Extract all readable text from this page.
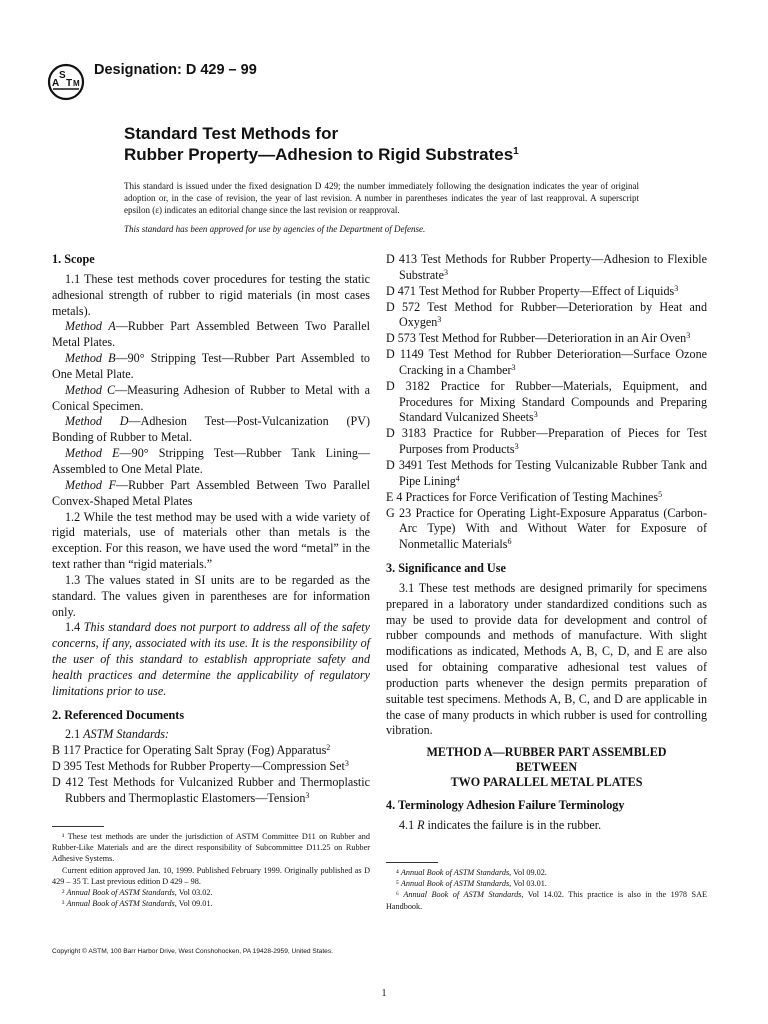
A
S
T M
Designation: D 429 – 99
Standard Test Methods for
Rubber Property—Adhesion to Rigid Substrates$^1$
This standard is issued under the fixed designation D 429; the number immediately following the designation indicates the year of original adoption or, in the case of revision, the year of last revision. A number in parentheses indicates the year of last reapproval. A superscript epsilon (ε) indicates an editorial change since the last revision or reapproval.
This standard has been approved for use by agencies of the Department of Defense.
1. Scope

1.1 These test methods cover procedures for testing the static adhesional strength of rubber to rigid materials (in most cases metals).

Method A—Rubber Part Assembled Between Two Parallel Metal Plates.

Method B—90° Stripping Test—Rubber Part Assembled to One Metal Plate.

Method C—Measuring Adhesion of Rubber to Metal with a Conical Specimen.

Method D—Adhesion Test—Post-Vulcanization (PV) Bonding of Rubber to Metal.

Method E—90° Stripping Test—Rubber Tank Lining—Assembled to One Metal Plate.

Method F—Rubber Part Assembled Between Two Parallel Convex-Shaped Metal Plates

1.2 While the test method may be used with a wide variety of rigid materials, use of materials other than metals is the exception. For this reason, we have used the word “metal” in the text rather than “rigid materials.”

1.3 The values stated in SI units are to be regarded as the standard. The values given in parentheses are for information only.

1.4 This standard does not purport to address all of the safety concerns, if any, associated with its use. It is the responsibility of the user of this standard to establish appropriate safety and health practices and determine the applicability of regulatory limitations prior to use.

2. Referenced Documents

2.1 ASTM Standards:

B 117 Practice for Operating Salt Spray (Fog) Apparatus$^2$

D 395 Test Methods for Rubber Property—Compression Set$^3$

D 412 Test Methods for Vulcanized Rubber and Thermoplastic Rubbers and Thermoplastic Elastomers—Tension$^3$

D 413 Test Methods for Rubber Property—Adhesion to Flexible Substrate$^3$

D 471 Test Method for Rubber Property—Effect of Liquids$^3$

D 572 Test Method for Rubber—Deterioration by Heat and Oxygen$^3$

D 573 Test Method for Rubber—Deterioration in an Air Oven$^3$

D 1149 Test Method for Rubber Deterioration—Surface Ozone Cracking in a Chamber$^3$

D 3182 Practice for Rubber—Materials, Equipment, and Procedures for Mixing Standard Compounds and Preparing Standard Vulcanized Sheets$^3$

D 3183 Practice for Rubber—Preparation of Pieces for Test Purposes from Products$^3$

D 3491 Test Methods for Testing Vulcanizable Rubber Tank and Pipe Lining$^4$

E 4 Practices for Force Verification of Testing Machines$^5$

G 23 Practice for Operating Light-Exposure Apparatus (Carbon-Arc Type) With and Without Water for Exposure of Nonmetallic Materials$^6$

3. Significance and Use

3.1 These test methods are designed primarily for specimens prepared in a laboratory under standardized conditions such as may be used to provide data for development and control of rubber compounds and methods of manufacture. With slight modifications as indicated, Methods A, B, C, D, and E are also used for obtaining comparative adhesional test values of production parts whenever the design permits preparation of suitable test specimens. Methods A, B, C, and D are applicable in the case of many products in which rubber is used for controlling vibration.

METHOD A—RUBBER PART ASSEMBLED
BETWEEN
TWO PARALLEL METAL PLATES
4. Terminology Adhesion Failure Terminology

4.1 R indicates the failure is in the rubber.

¹ These test methods are under the jurisdiction of ASTM Committee D11 on Rubber and Rubber-Like Materials and are the direct responsibility of Subcommittee D11.25 on Rubber Adhesive Systems.

Current edition approved Jan. 10, 1999. Published February 1999. Originally published as D 429 – 35 T. Last previous edition D 429 – 98.

² Annual Book of ASTM Standards, Vol 03.02.

³ Annual Book of ASTM Standards, Vol 09.01.

⁴ Annual Book of ASTM Standards, Vol 09.02.

⁵ Annual Book of ASTM Standards, Vol 03.01.

⁶ Annual Book of ASTM Standards, Vol 14.02. This practice is also in the 1978 SAE Handbook.

Copyright © ASTM, 100 Barr Harbor Drive, West Conshohocken, PA 19428-2959, United States.
1
